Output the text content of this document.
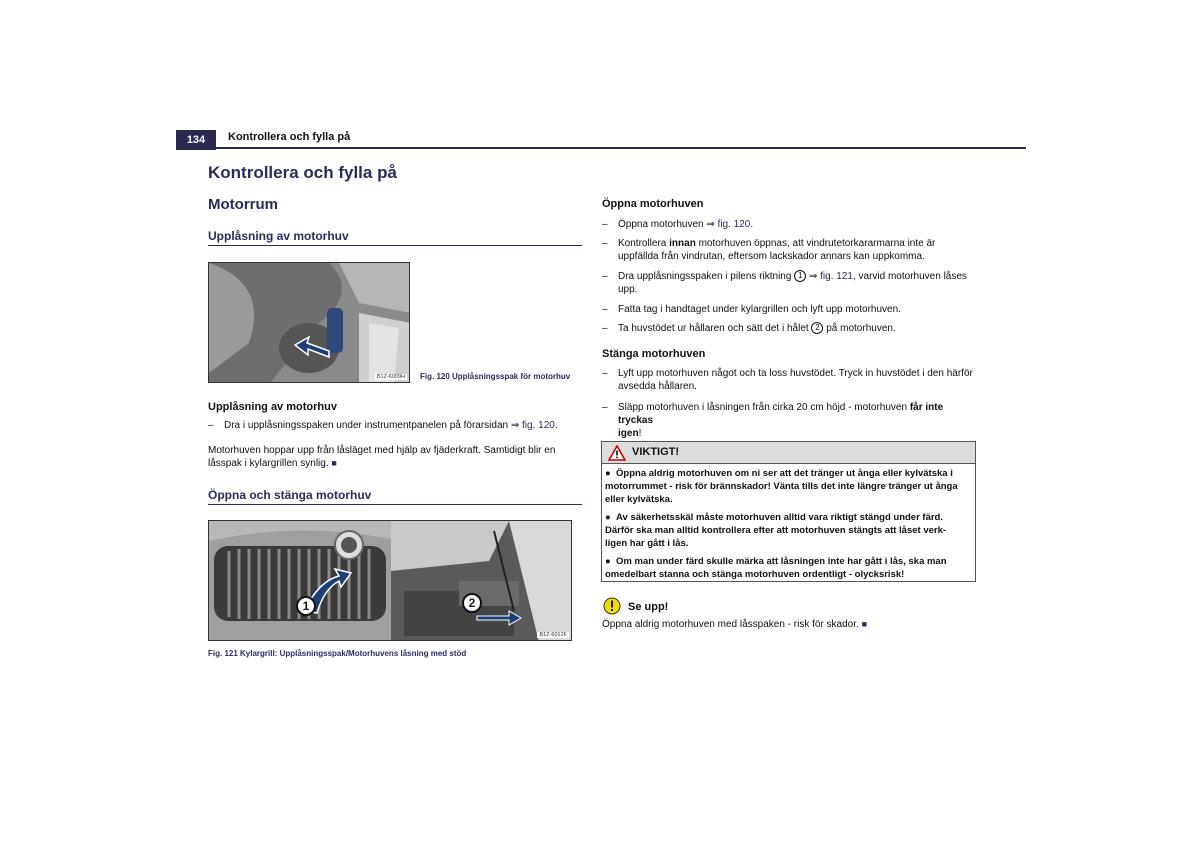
134	Kontrollera och fylla på
Kontrollera och fylla på
Motorrum
Upplåsning av motorhuv
B1Z-6009H Fig. 120 Upplåsningsspak för motorhuv
Upplåsning av motorhuv
– Dra i upplåsningsspaken under instrumentpanelen på förarsidan ⇒ fig. 120.
Motorhuven hoppar upp från låsläget med hjälp av fjäderkraft. Samtidigt blir en
låsspak i kylargrillen synlig. ■
Öppna och stänga motorhuv
1	2
B1Z-6012F
Fig. 121 Kylargrill: Upplåsningsspak/Motorhuvens låsning med stöd
Öppna motorhuven
– Öppna motorhuven ⇒ fig. 120.
– Kontrollera innan motorhuven öppnas, att vindrutetorkararmarna inte är
uppfällda från vindrutan, eftersom lackskador annars kan uppkomma.
– Dra upplåsningsspaken i pilens riktning 1 ⇒ fig. 121, varvid motorhuven låses
upp.
– Fatta tag i handtaget under kylargrillen och lyft upp motorhuven.
– Ta huvstödet ur hållaren och sätt det i hålet 2 på motorhuven.
Stänga motorhuven
– Lyft upp motorhuven något och ta loss huvstödet. Tryck in huvstödet i den härför
avsedda hållaren.
– Släpp motorhuven i låsningen från cirka 20 cm höjd - motorhuven får inte tryckas
igen!
VIKTIGT!
●  Öppna aldrig motorhuven om ni ser att det tränger ut ånga eller kylvätska i
motorrummet - risk för brännskador! Vänta tills det inte längre tränger ut ånga
eller kylvätska.
●  Av säkerhetsskäl måste motorhuven alltid vara riktigt stängd under färd.
Därför ska man alltid kontrollera efter att motorhuven stängts att låset verk-
ligen har gått i lås.
●  Om man under färd skulle märka att låsningen inte har gått i lås, ska man
omedelbart stanna och stänga motorhuven ordentligt - olycksrisk!
Se upp!
Öppna aldrig motorhuven med låsspaken - risk för skador. ■
